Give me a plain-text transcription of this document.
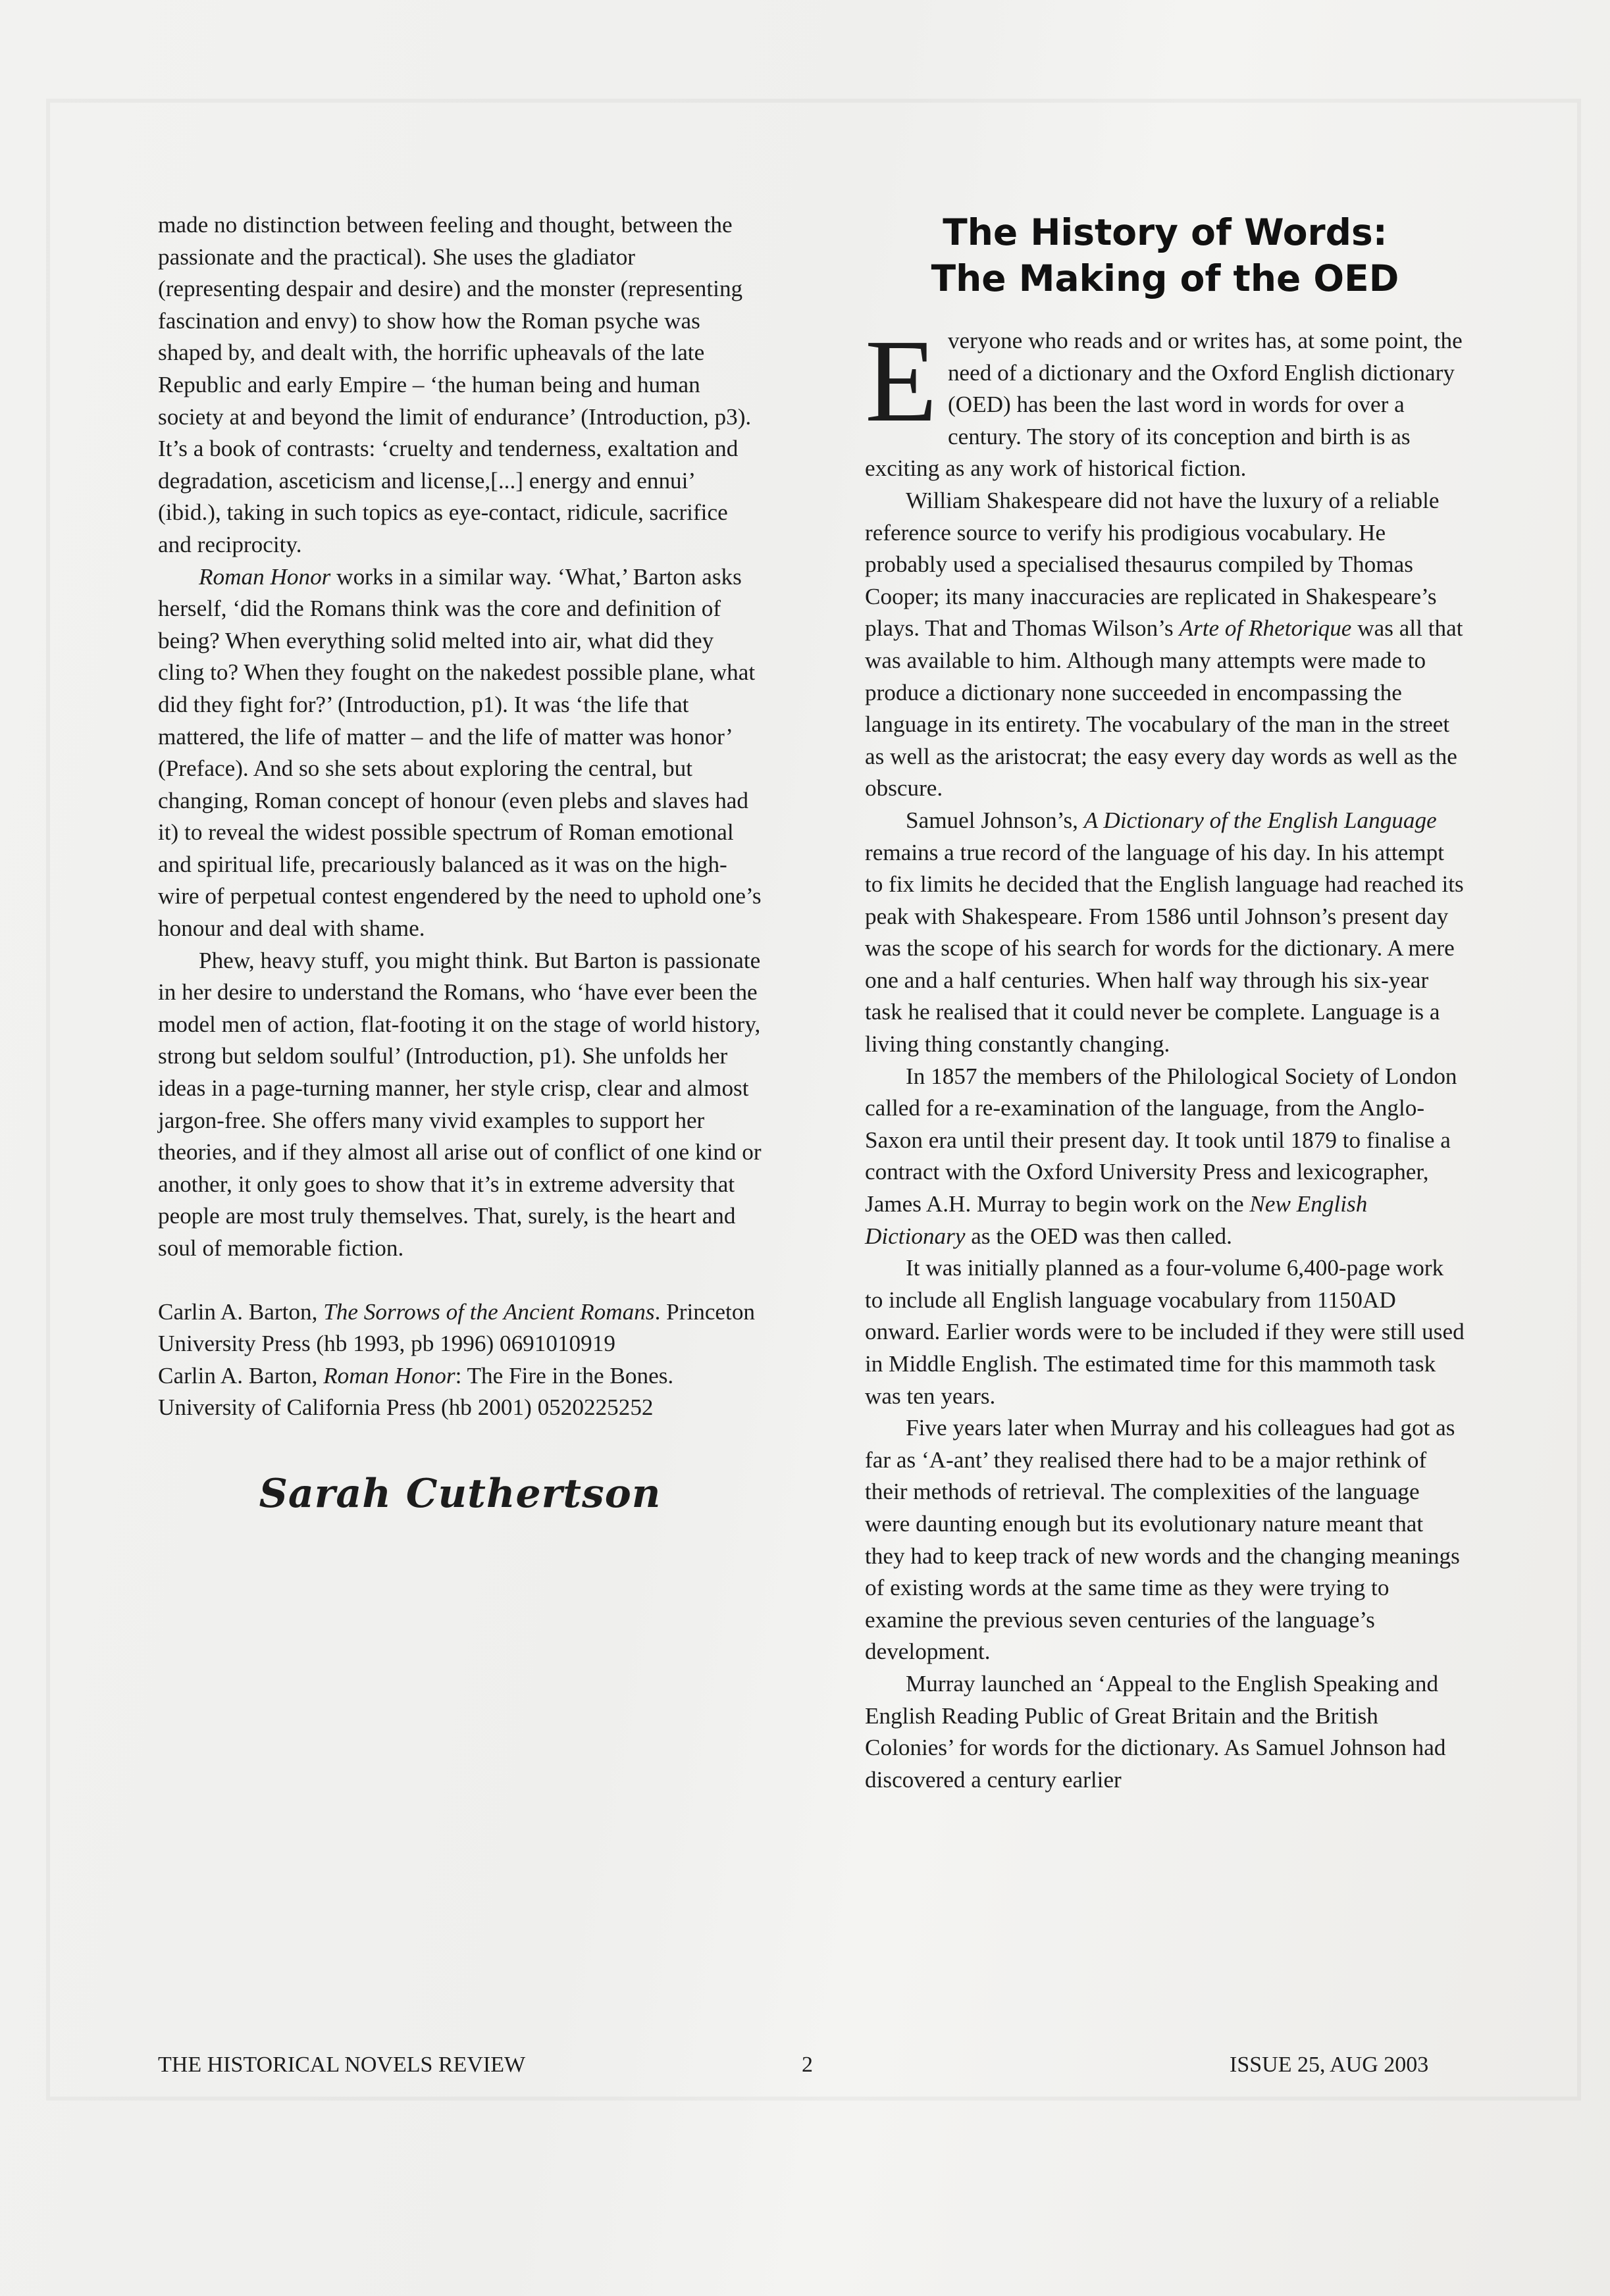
made no distinction between feeling and thought, between the passionate and the practical). She uses the gladiator (representing despair and desire) and the monster (representing fascination and envy) to show how the Roman psyche was shaped by, and dealt with, the horrific upheavals of the late Republic and early Empire – ‘the human being and human society at and beyond the limit of endurance’ (Introduction, p3). It’s a book of contrasts: ‘cruelty and tenderness, exaltation and degradation, asceticism and license,[...] energy and ennui’ (ibid.), taking in such topics as eye-contact, ridicule, sacrifice and reciprocity.

Roman Honor works in a similar way. ‘What,’ Barton asks herself, ‘did the Romans think was the core and definition of being? When everything solid melted into air, what did they cling to? When they fought on the nakedest possible plane, what did they fight for?’ (Introduction, p1). It was ‘the life that mattered, the life of matter – and the life of matter was honor’ (Preface). And so she sets about exploring the central, but changing, Roman concept of honour (even plebs and slaves had it) to reveal the widest possible spectrum of Roman emotional and spiritual life, precariously balanced as it was on the high-wire of perpetual contest engendered by the need to uphold one’s honour and deal with shame.

Phew, heavy stuff, you might think. But Barton is passionate in her desire to understand the Romans, who ‘have ever been the model men of action, flat-footing it on the stage of world history, strong but seldom soulful’ (Introduction, p1). She unfolds her ideas in a page-turning manner, her style crisp, clear and almost jargon-free. She offers many vivid examples to support her theories, and if they almost all arise out of conflict of one kind or another, it only goes to show that it’s in extreme adversity that people are most truly themselves. That, surely, is the heart and soul of memorable fiction.

Carlin A. Barton, The Sorrows of the Ancient Romans. Princeton University Press (hb 1993, pb 1996) 0691010919

Carlin A. Barton, Roman Honor: The Fire in the Bones. University of California Press (hb 2001) 0520225252

Sarah Cuthertson
The History of Words:
The Making of the OED

Everyone who reads and or writes has, at some point, the need of a dictionary and the Oxford English dictionary (OED) has been the last word in words for over a century. The story of its conception and birth is as exciting as any work of historical fiction.

William Shakespeare did not have the luxury of a reliable reference source to verify his prodigious vocabulary. He probably used a specialised thesaurus compiled by Thomas Cooper; its many inaccuracies are replicated in Shakespeare’s plays. That and Thomas Wilson’s Arte of Rhetorique was all that was available to him. Although many attempts were made to produce a dictionary none succeeded in encompassing the language in its entirety. The vocabulary of the man in the street as well as the aristocrat; the easy every day words as well as the obscure.

Samuel Johnson’s, A Dictionary of the English Language remains a true record of the language of his day. In his attempt to fix limits he decided that the English language had reached its peak with Shakespeare. From 1586 until Johnson’s present day was the scope of his search for words for the dictionary. A mere one and a half centuries. When half way through his six-year task he realised that it could never be complete. Language is a living thing constantly changing.

In 1857 the members of the Philological Society of London called for a re-examination of the language, from the Anglo-Saxon era until their present day. It took until 1879 to finalise a contract with the Oxford University Press and lexicographer, James A.H. Murray to begin work on the New English Dictionary as the OED was then called.

It was initially planned as a four-volume 6,400-page work to include all English language vocabulary from 1150AD onward. Earlier words were to be included if they were still used in Middle English. The estimated time for this mammoth task was ten years.

Five years later when Murray and his colleagues had got as far as ‘A-ant’ they realised there had to be a major rethink of their methods of retrieval. The complexities of the language were daunting enough but its evolutionary nature meant that they had to keep track of new words and the changing meanings of existing words at the same time as they were trying to examine the previous seven centuries of the language’s development.

Murray launched an ‘Appeal to the English Speaking and English Reading Public of Great Britain and the British Colonies’ for words for the dictionary. As Samuel Johnson had discovered a century earlier

THE HISTORICAL NOVELS REVIEW	2	ISSUE 25, AUG 2003
